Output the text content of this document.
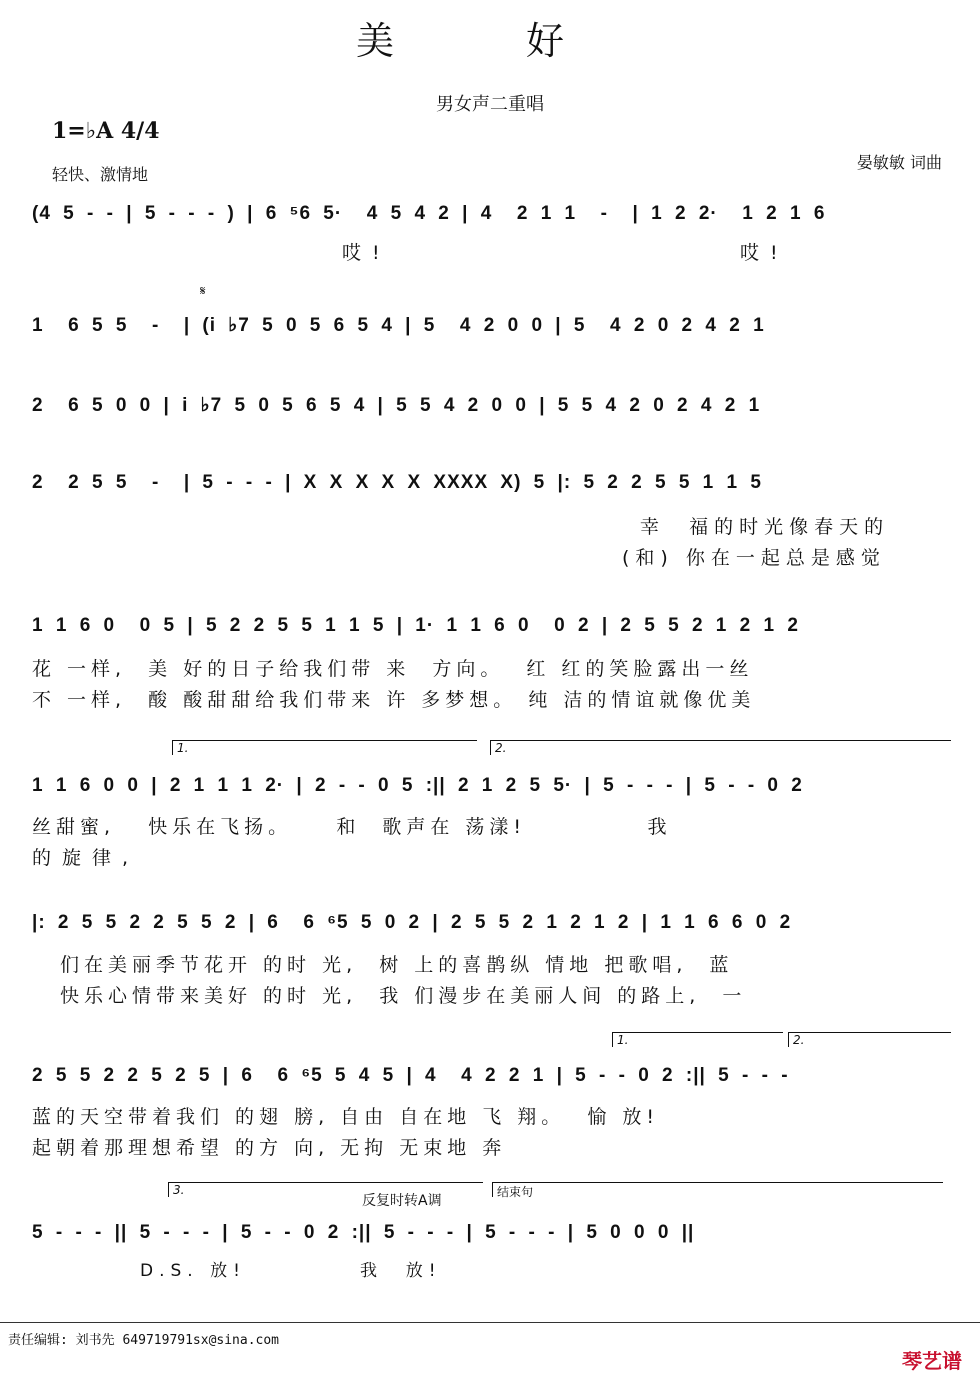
美 好
男女声二重唱
1=♭A 4/4
轻快、激情地
晏敏敏 词曲
𝄋
(4 5 - - | 5 - - - ) | 6 ⁵6 5·  4 5 4 2 | 4  2 1 1  -  | 1 2 2·  1 2 1 6
哎!	哎!
1  6 5 5  -  | (i ♭7 5 0 5 6 5 4 | 5  4 2 0 0 | 5  4 2 0 2 4 2 1
2  6 5 0 0 | i ♭7 5 0 5 6 5 4 | 5 5 4 2 0 0 | 5 5 4 2 0 2 4 2 1
2  2 5 5  -  | 5 - - - | X X X X X XXXX X) 5 |: 5 2 2 5 5 1 1 5
幸  福的时光像春天的
(和) 你在一起总是感觉
1 1 6 0  0 5 | 5 2 2 5 5 1 1 5 | 1· 1 1 6 0  0 2 | 2 5 5 2 1 2 1 2
花 一样,  美 好的日子给我们带 来  方向。  红 红的笑脸露出一丝
不 一样,  酸 酸甜甜给我们带来 许 多梦想。 纯 洁的情谊就像优美
1.	2.
1 1 6 0 0 | 2 1 1 1 2· | 2 - - 0 5 :|| 2 1 2 5 5· | 5 - - - | 5 - - 0 2
丝甜蜜,   快乐在飞扬。    和  歌声在 荡漾!           我
的旋律,
|: 2 5 5 2 2 5 5 2 | 6  6 ⁶5 5 0 2 | 2 5 5 2 1 2 1 2 | 1 1 6 6 0 2
们在美丽季节花开 的时 光,  树 上的喜鹊纵 情地 把歌唱,  蓝
快乐心情带来美好 的时 光,  我 们漫步在美丽人间 的路上,  一
1.	2.
2 5 5 2 2 5 2 5 | 6  6 ⁶5 5 4 5 | 4  4 2 2 1 | 5 - - 0 2 :|| 5 - - -
蓝的天空带着我们 的翅 膀, 自由 自在地 飞 翔。  愉 放!
起朝着那理想希望 的方 向, 无拘 无束地 奔
3.
反复时转A调
结束句
5 - - - || 5 - - - | 5 - - 0 2 :|| 5 - - - | 5 - - - | 5 0 0 0 ||
D.S. 放!          我  放!
责任编辑: 刘书先 649719791sx@sina.com
琴艺谱
